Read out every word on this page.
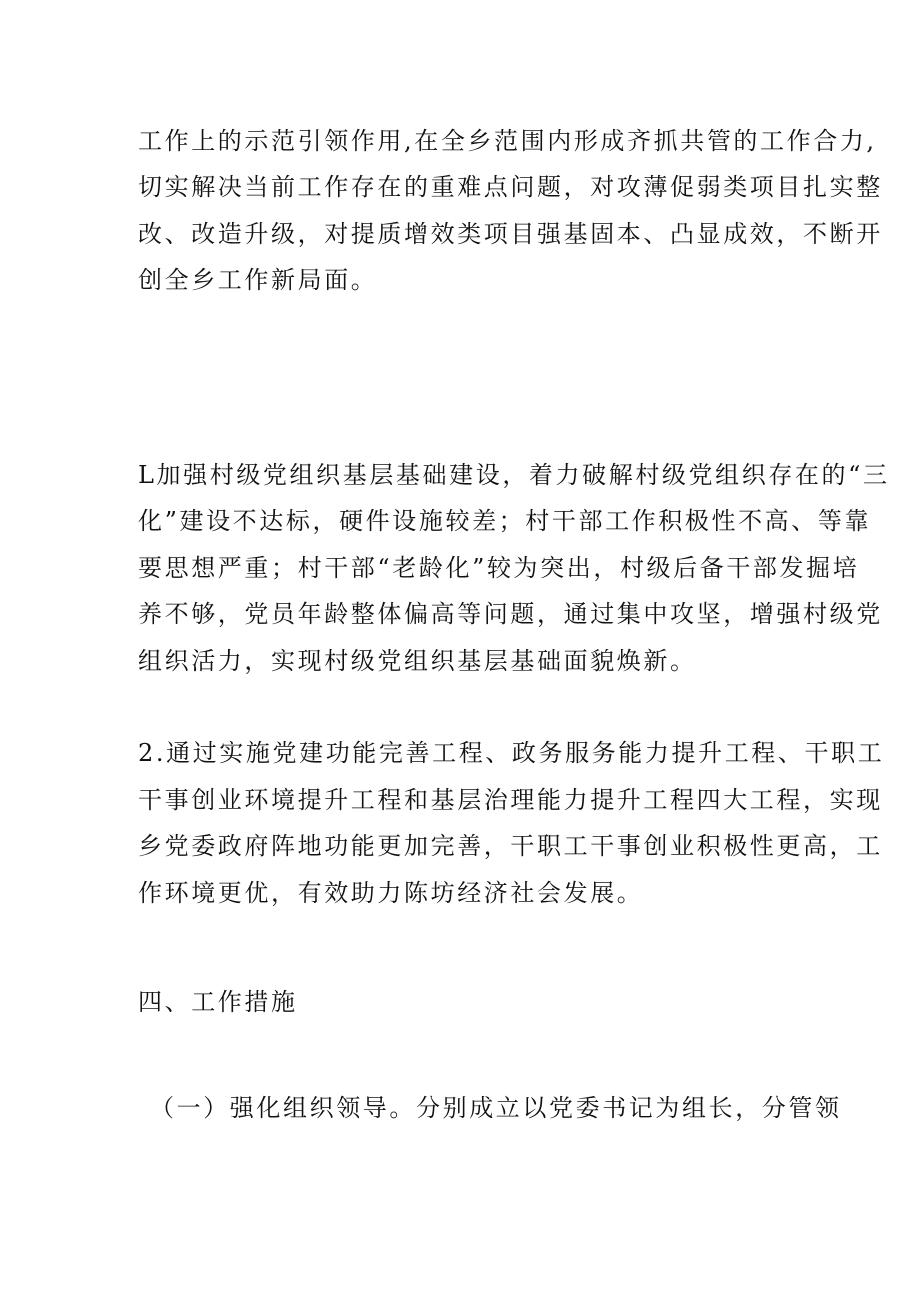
工作上的示范引领作用,在全乡范围内形成齐抓共管的工作合力,
切实解决当前工作存在的重难点问题，对攻薄促弱类项目扎实整
改、改造升级，对提质增效类项目强基固本、凸显成效，不断开
创全乡工作新局面。
L加强村级党组织基层基础建设，着力破解村级党组织存在的“三
化”建设不达标，硬件设施较差；村干部工作积极性不高、等靠
要思想严重；村干部“老龄化”较为突出，村级后备干部发掘培
养不够，党员年龄整体偏高等问题，通过集中攻坚，增强村级党
组织活力，实现村级党组织基层基础面貌焕新。
2.通过实施党建功能完善工程、政务服务能力提升工程、干职工
干事创业环境提升工程和基层治理能力提升工程四大工程，实现
乡党委政府阵地功能更加完善，干职工干事创业积极性更高，工
作环境更优，有效助力陈坊经济社会发展。
四、工作措施
（一）强化组织领导。分别成立以党委书记为组长，分管领
